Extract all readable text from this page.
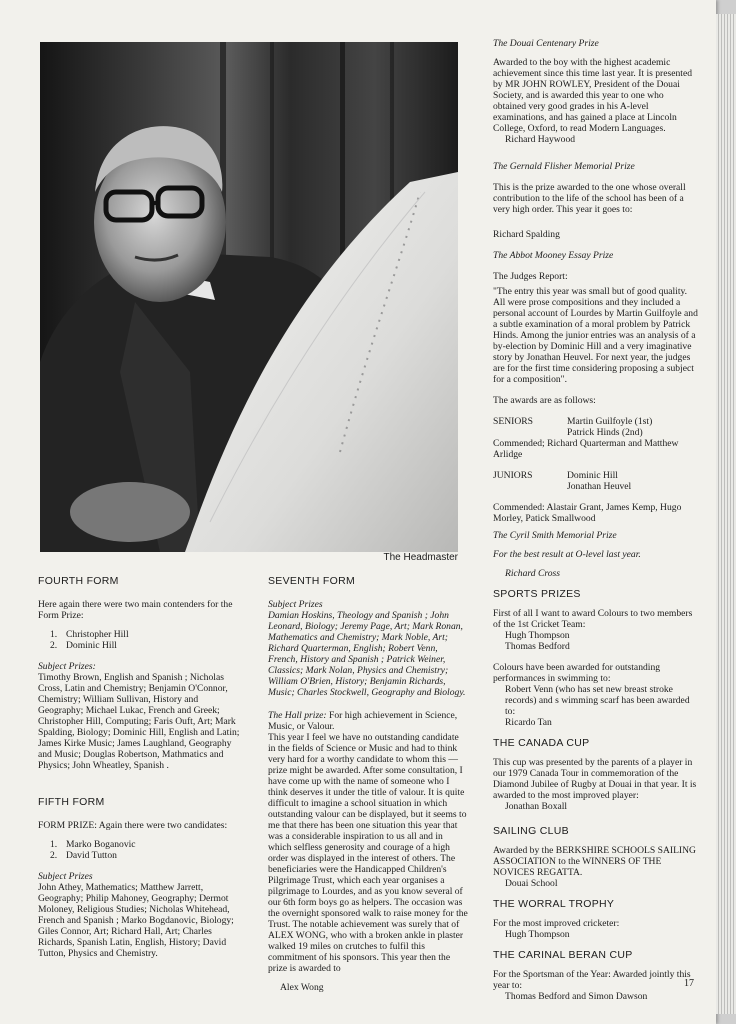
The Headmaster
FOURTH FORM

Here again there were two main contenders for the Form Prize:

1. Christopher Hill
2. Dominic Hill
Subject Prizes:

Timothy Brown, English and Spanish ; Nicholas Cross, Latin and Chemistry; Benjamin O'Connor, Chemistry; William Sullivan, History and Geography; Michael Lukac, French and Greek; Christopher Hill, Computing; Faris Ouft, Art; Mark Spalding, Biology; Dominic Hill, English and Latin; James Kirke Music; James Laughland, Geography and Music; Douglas Robertson, Mathmatics and Physics; John Wheatley, Spanish .

FIFTH FORM

FORM PRIZE: Again there were two candidates:

1. Marko Boganovic
2. David Tutton
Subject Prizes

John Athey, Mathematics; Matthew Jarrett, Geography; Philip Mahoney, Geography; Dermot Moloney, Religious Studies; Nicholas Whitehead, French and Spanish ; Marko Bogdanovic, Biology; Giles Connor, Art; Richard Hall, Art; Charles Richards, Spanish Latin, English, History; David Tutton, Physics and Chemistry.

SEVENTH FORM
Subject Prizes

Damian Hoskins, Theology and Spanish ; John Leonard, Biology; Jeremy Page, Art; Mark Ronan, Mathematics and Chemistry; Mark Noble, Art; Richard Quarterman, English; Robert Venn, French, History and Spanish ; Patrick Weiner, Classics; Mark Nolan, Physics and Chemistry; William O'Brien, History; Benjamin Richards, Music; Charles Stockwell, Geography and Biology.

The Hall prize: For high achievement in Science, Music, or Valour.

This year I feel we have no outstanding candidate in the fields of Science or Music and had to think very hard for a worthy candidate to whom this — prize might be awarded. After some consultation, I have come up with the name of someone who I think deserves it under the title of valour. It is quite difficult to imagine a school situation in which outstanding valour can be displayed, but it seems to me that there has been one situation this year that was a considerable inspiration to us all and in which selfless generosity and courage of a high order was displayed in the interest of others. The beneficiaries were the Handicapped Children's Pilgrimage Trust, which each year organises a pilgrimage to Lourdes, and as you know several of our 6th form boys go as helpers. The occasion was the overnight sponsored walk to raise money for the Trust. The notable achievement was surely that of ALEX WONG, who with a broken ankle in plaster walked 19 miles on crutches to fulfil this commitment of his sponsors. This year then the prize is awarded to

Alex Wong

The Douai Centenary Prize

Awarded to the boy with the highest academic achievement since this time last year. It is presented by MR JOHN ROWLEY, President of the Douai Society, and is awarded this year to one who obtained very good grades in his A-level examinations, and has gained a place at Lincoln College, Oxford, to read Modern Languages.

Richard Haywood

The Gernald Flisher Memorial Prize

This is the prize awarded to the one whose overall contribution to the life of the school has been of a very high order. This year it goes to:

Richard Spalding

The Abbot Mooney Essay Prize

The Judges Report:

"The entry this year was small but of good quality. All were prose compositions and they included a personal account of Lourdes by Martin Guilfoyle and a subtle examination of a moral problem by Patrick Hinds. Among the junior entries was an analysis of a by-election by Dominic Hill and a very imaginative story by Jonathan Heuvel. For next year, the judges are for the first time considering proposing a subject for a composition".

The awards are as follows:

SENIORS	Martin Guilfoyle (1st)
Patrick Hinds (2nd)

Commended; Richard Quarterman and Matthew Arlidge

JUNIORS	Dominic Hill
Jonathan Heuvel

Commended: Alastair Grant, James Kemp, Hugo Morley, Patick Smallwood

The Cyril Smith Memorial Prize

For the best result at O-level last year.

Richard Cross

SPORTS PRIZES

First of all I want to award Colours to two members of the 1st Cricket Team:

Hugh Thompson
Thomas Bedford

Colours have been awarded for outstanding performances in swimming to:

Robert Venn (who has set new breast stroke records) and s wimming scarf has been awarded to:

Ricardo Tan

THE CANADA CUP

This cup was presented by the parents of a player in our 1979 Canada Tour in commemoration of the Diamond Jubilee of Rugby at Douai in that year. It is awarded to the most improved player:

Jonathan Boxall

SAILING CLUB

Awarded by the BERKSHIRE SCHOOLS SAILING ASSOCIATION to the WINNERS OF THE NOVICES REGATTA.

Douai School

THE WORRAL TROPHY

For the most improved cricketer:

Hugh Thompson

THE CARINAL BERAN CUP

For the Sportsman of the Year: Awarded jointly this year to:

Thomas Bedford and Simon Dawson

17
